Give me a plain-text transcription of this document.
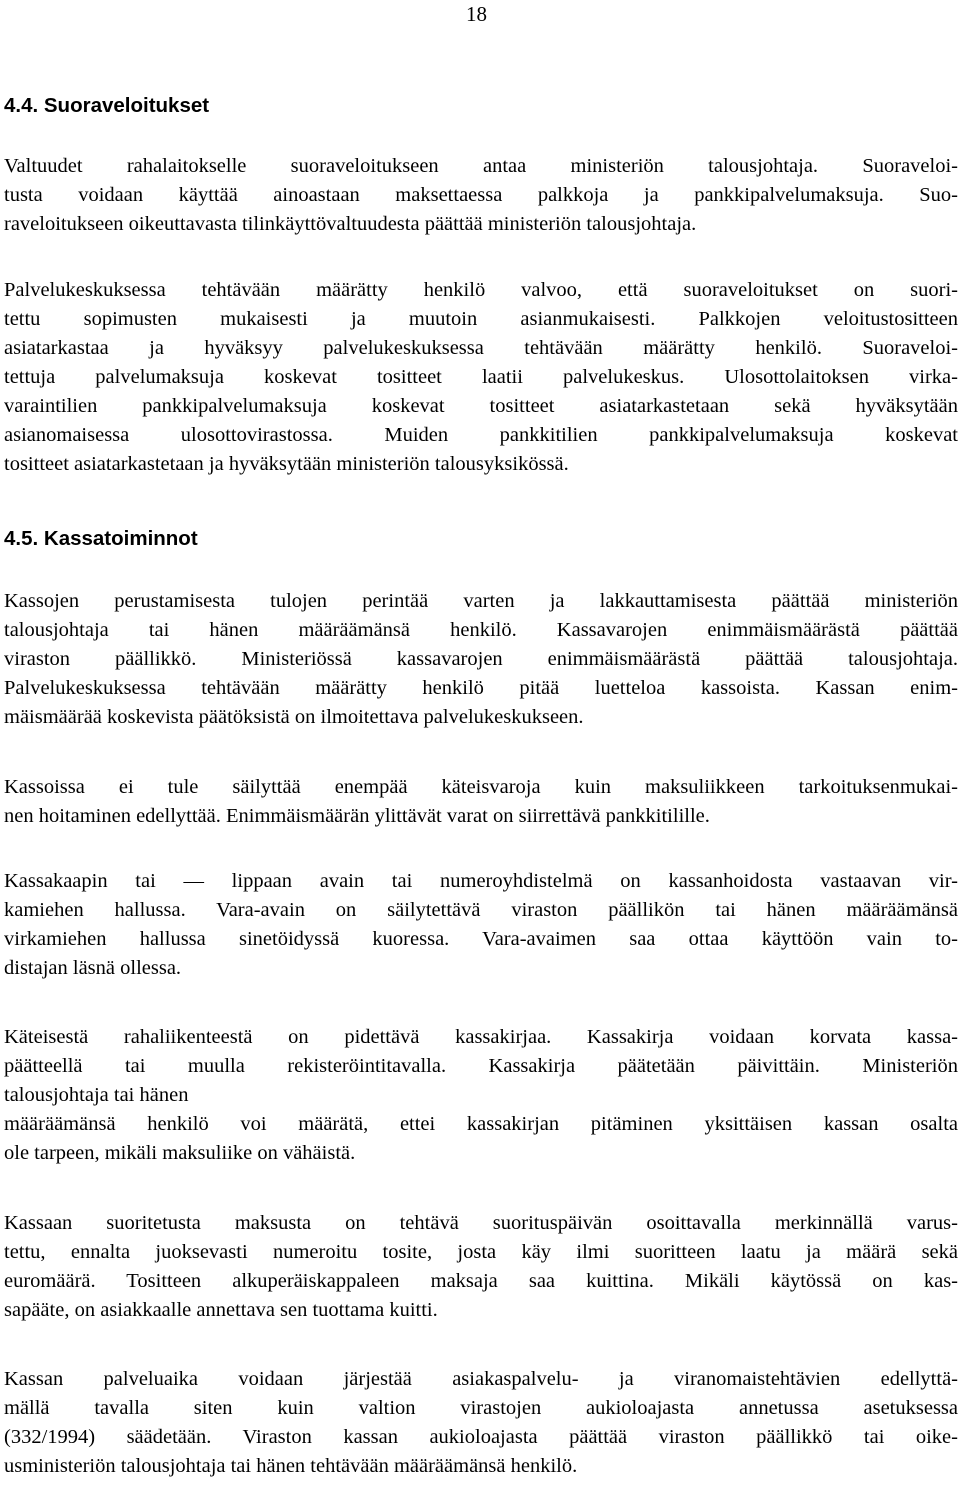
18
4.4. Suoraveloitukset
Valtuudet rahalaitokselle suoraveloitukseen antaa ministeriön talousjohtaja. Suoraveloi-
tusta voidaan käyttää ainoastaan maksettaessa palkkoja ja pankkipalvelumaksuja. Suo-
raveloitukseen oikeuttavasta tilinkäyttövaltuudesta päättää ministeriön talousjohtaja.
Palvelukeskuksessa tehtävään määrätty henkilö valvoo, että suoraveloitukset on suori-
tettu sopimusten mukaisesti ja muutoin asianmukaisesti. Palkkojen veloitustositteen
asiatarkastaa ja hyväksyy palvelukeskuksessa tehtävään määrätty henkilö. Suoraveloi-
tettuja palvelumaksuja koskevat tositteet laatii palvelukeskus. Ulosottolaitoksen virka-
varaintilien pankkipalvelumaksuja koskevat tositteet asiatarkastetaan sekä hyväksytään
asianomaisessa ulosottovirastossa. Muiden pankkitilien pankkipalvelumaksuja koskevat
tositteet asiatarkastetaan ja hyväksytään ministeriön talousyksikössä.
4.5. Kassatoiminnot
Kassojen perustamisesta tulojen perintää varten ja lakkauttamisesta päättää ministeriön
talousjohtaja tai hänen määräämänsä henkilö. Kassavarojen enimmäismäärästä päättää
viraston päällikkö. Ministeriössä kassavarojen enimmäismäärästä päättää talousjohtaja.
Palvelukeskuksessa tehtävään määrätty henkilö pitää luetteloa kassoista. Kassan enim-
mäismäärää koskevista päätöksistä on ilmoitettava palvelukeskukseen.
Kassoissa ei tule säilyttää enempää käteisvaroja kuin maksuliikkeen tarkoituksenmukai-
nen hoitaminen edellyttää. Enimmäismäärän ylittävät varat on siirrettävä pankkitilille.
Kassakaapin tai — lippaan avain tai numeroyhdistelmä on kassanhoidosta vastaavan vir-
kamiehen hallussa. Vara-avain on säilytettävä viraston päällikön tai hänen määräämänsä
virkamiehen hallussa sinetöidyssä kuoressa. Vara-avaimen saa ottaa käyttöön vain to-
distajan läsnä ollessa.
Käteisestä rahaliikenteestä on pidettävä kassakirjaa. Kassakirja voidaan korvata kassa-
päätteellä tai muulla rekisteröintitavalla. Kassakirja päätetään päivittäin. Ministeriön
talousjohtaja tai hänen
määräämänsä henkilö voi määrätä, ettei kassakirjan pitäminen yksittäisen kassan osalta
ole tarpeen, mikäli maksuliike on vähäistä.
Kassaan suoritetusta maksusta on tehtävä suorituspäivän osoittavalla merkinnällä varus-
tettu, ennalta juoksevasti numeroitu tosite, josta käy ilmi suoritteen laatu ja määrä sekä
euromäärä. Tositteen alkuperäiskappaleen maksaja saa kuittina. Mikäli käytössä on kas-
sapääte, on asiakkaalle annettava sen tuottama kuitti.
Kassan palveluaika voidaan järjestää asiakaspalvelu- ja viranomaistehtävien edellyttä-
mällä tavalla siten kuin valtion virastojen aukioloajasta annetussa asetuksessa
(332/1994) säädetään. Viraston kassan aukioloajasta päättää viraston päällikkö tai oike-
usministeriön talousjohtaja tai hänen tehtävään määräämänsä henkilö.
